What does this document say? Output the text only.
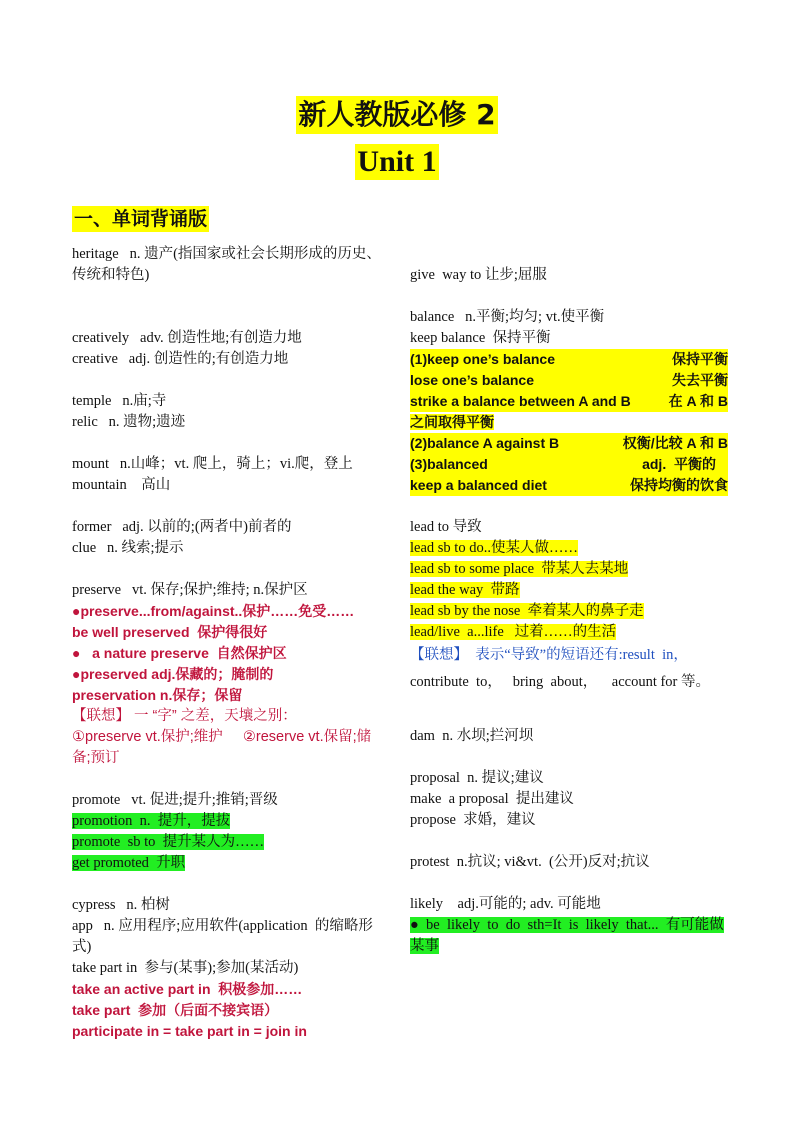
新人教版必修 2
Unit 1
一、单词背诵版
heritage   n. 遗产(指国家或社会长期形成的历史、传统和特色)
creatively   adv. 创造性地;有创造力地
creative   adj. 创造性的;有创造力地
temple   n.庙;寺
relic   n. 遗物;遗迹
mount   n.山峰；vt. 爬上，骑上；vi.爬，登上
mountain    高山
former   adj. 以前的;(两者中)前者的
clue   n. 线索;提示
preserve   vt. 保存;保护;维持; n.保护区
●preserve...from/against..保护……免受……
be well preserved  保护得很好
●   a nature preserve  自然保护区
●preserved adj.保藏的；腌制的
preservation n.保存；保留
【联想】 一 “字” 之差，天壤之别：
①preserve vt.保护;维护     ②reserve vt.保留;储备;预订
promote   vt. 促进;提升;推销;晋级
promotion  n.  提升，提拔
promote  sb to  提升某人为……
get promoted  升职
cypress   n. 柏树
app   n. 应用程序;应用软件(application  的缩略形式)
take part in  参与(某事);参加(某活动)
take an active part in  积极参加……
take part  参加（后面不接宾语）
participate in = take part in = join in
give  way to 让步;屈服
balance   n.平衡;均匀; vt.使平衡
keep balance  保持平衡
(1)keep one’s balance	保持平衡
lose one’s balance	失去平衡
strike a balance between A and B	在 A 和 B
之间取得平衡
(2)balance A against B	权衡/比较 A 和 B
(3)balanced	adj.  平衡的
keep a balanced diet	保持均衡的饮食
lead to 导致
lead sb to do..使某人做……
lead sb to some place  带某人去某地
lead the way  带路
lead sb by the nose  牵着某人的鼻子走
lead/live  a...life   过着……的生活
【联想】  表示“导致”的短语还有:result  in，
contribute  to，   bring  about，    account for 等。
dam  n. 水坝;拦河坝
proposal  n. 提议;建议
make  a proposal  提出建议
propose  求婚，建议
protest  n.抗议; vi&vt.  (公开)反对;抗议
likely    adj.可能的; adv. 可能地
●  be  likely  to  do  sth=It  is  likely  that...  有可能做某事
